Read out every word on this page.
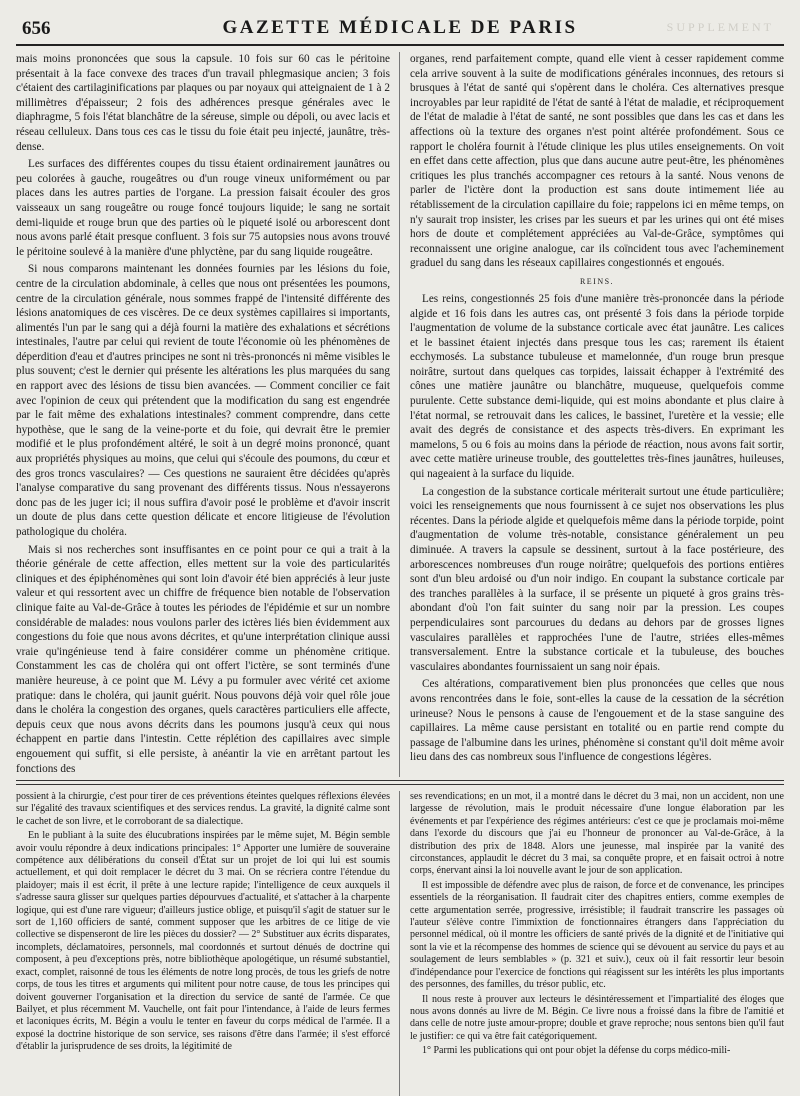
656	GAZETTE MÉDICALE DE PARIS	SUPPLEMENT

mais moins prononcées que sous la capsule. 10 fois sur 60 cas le péritoine présentait à la face convexe des traces d'un travail phlegmasique ancien; 3 fois c'étaient des cartilaginifications par plaques ou par noyaux qui atteignaient de 1 à 2 millimètres d'épaisseur; 2 fois des adhérences presque générales avec le diaphragme, 5 fois l'état blanchâtre de la séreuse, simple ou dépoli, ou avec lacis et réseau celluleux. Dans tous ces cas le tissu du foie était peu injecté, jaunâtre, très-dense.

Les surfaces des différentes coupes du tissu étaient ordinairement jaunâtres ou peu colorées à gauche, rougeâtres ou d'un rouge vineux uniformément ou par places dans les autres parties de l'organe. La pression faisait écouler des gros vaisseaux un sang rougeâtre ou rouge foncé toujours liquide; le sang ne sortait demi-liquide et rouge brun que des parties où le piqueté isolé ou arborescent dont nous avons parlé était presque confluent. 3 fois sur 75 autopsies nous avons trouvé le péritoine soulevé à la manière d'une phlyctène, par du sang liquide rougeâtre.

Si nous comparons maintenant les données fournies par les lésions du foie, centre de la circulation abdominale, à celles que nous ont présentées les poumons, centre de la circulation générale, nous sommes frappé de l'intensité différente des lésions anatomiques de ces viscères. De ce deux systèmes capillaires si importants, alimentés l'un par le sang qui a déjà fourni la matière des exhalations et sécrétions intestinales, l'autre par celui qui revient de toute l'économie où les phénomènes de déperdition d'eau et d'autres principes ne sont ni très-prononcés ni même visibles le plus souvent; c'est le dernier qui présente les altérations les plus marquées du sang en rapport avec des lésions de tissu bien avancées. — Comment concilier ce fait avec l'opinion de ceux qui prétendent que la modification du sang est engendrée par le fait même des exhalations intestinales? comment comprendre, dans cette hypothèse, que le sang de la veine-porte et du foie, qui devrait être le premier modifié et le plus profondément altéré, le soit à un degré moins prononcé, quant aux propriétés physiques au moins, que celui qui s'écoule des poumons, du cœur et des gros troncs vasculaires? — Ces questions ne sauraient être décidées qu'après l'analyse comparative du sang provenant des différents tissus. Nous n'essayerons donc pas de les juger ici; il nous suffira d'avoir posé le problème et d'avoir inscrit un doute de plus dans cette question délicate et encore litigieuse de l'évolution pathologique du choléra.

Mais si nos recherches sont insuffisantes en ce point pour ce qui a trait à la théorie générale de cette affection, elles mettent sur la voie des particularités cliniques et des épiphénomènes qui sont loin d'avoir été bien appréciés à leur juste valeur et qui ressortent avec un chiffre de fréquence bien notable de l'observation clinique faite au Val-de-Grâce à toutes les périodes de l'épidémie et sur un nombre considérable de malades: nous voulons parler des ictères liés bien évidemment aux congestions du foie que nous avons décrites, et qu'une interprétation clinique aussi vraie qu'ingénieuse tend à faire considérer comme un phénomène critique. Constamment les cas de choléra qui ont offert l'ictère, se sont terminés d'une manière heureuse, à ce point que M. Lévy a pu formuler avec vérité cet axiome pratique: dans le choléra, qui jaunit guérit. Nous pouvons déjà voir quel rôle joue dans le choléra la congestion des organes, quels caractères particuliers elle affecte, depuis ceux que nous avons décrits dans les poumons jusqu'à ceux qui nous échappent en partie dans l'intestin. Cette réplétion des capillaires avec simple engouement qui suffit, si elle persiste, à anéantir la vie en arrêtant partout les fonctions des

organes, rend parfaitement compte, quand elle vient à cesser rapidement comme cela arrive souvent à la suite de modifications générales inconnues, des retours si brusques à l'état de santé qui s'opèrent dans le choléra. Ces alternatives presque incroyables par leur rapidité de l'état de santé à l'état de maladie, et réciproquement de l'état de maladie à l'état de santé, ne sont possibles que dans les cas et dans les affections où la texture des organes n'est point altérée profondément. Sous ce rapport le choléra fournit à l'étude clinique les plus utiles enseignements. On voit en effet dans cette affection, plus que dans aucune autre peut-être, les phénomènes critiques les plus tranchés accompagner ces retours à la santé. Nous venons de parler de l'ictère dont la production est sans doute intimement liée au rétablissement de la circulation capillaire du foie; rappelons ici en même temps, on n'y saurait trop insister, les crises par les sueurs et par les urines qui ont été mises hors de doute et complétement appréciées au Val-de-Grâce, symptômes qui reconnaissent une origine analogue, car ils coïncident tous avec l'acheminement graduel du sang dans les réseaux capillaires congestionnés et engoués.

REINS.

Les reins, congestionnés 25 fois d'une manière très-prononcée dans la période algide et 16 fois dans les autres cas, ont présenté 3 fois dans la période torpide l'augmentation de volume de la substance corticale avec état jaunâtre. Les calices et le bassinet étaient injectés dans presque tous les cas; rarement ils étaient ecchymosés. La substance tubuleuse et mamelonnée, d'un rouge brun presque noirâtre, surtout dans quelques cas torpides, laissait échapper à l'extrémité des cônes une matière jaunâtre ou blanchâtre, muqueuse, quelquefois comme purulente. Cette substance demi-liquide, qui est moins abondante et plus claire à l'état normal, se retrouvait dans les calices, le bassinet, l'uretère et la vessie; elle avait des degrés de consistance et des aspects très-divers. En exprimant les mamelons, 5 ou 6 fois au moins dans la période de réaction, nous avons fait sortir, avec cette matière urineuse trouble, des gouttelettes très-fines jaunâtres, huileuses, qui nageaient à la surface du liquide.

La congestion de la substance corticale mériterait surtout une étude particulière; voici les renseignements que nous fournissent à ce sujet nos observations les plus récentes. Dans la période algide et quelquefois même dans la période torpide, point d'augmentation de volume très-notable, consistance généralement un peu diminuée. A travers la capsule se dessinent, surtout à la face postérieure, des arborescences nombreuses d'un rouge noirâtre; quelquefois des portions entières sont d'un bleu ardoisé ou d'un noir indigo. En coupant la substance corticale par des tranches parallèles à la surface, il se présente un piqueté à gros grains très-abondant d'où l'on fait suinter du sang noir par la pression. Les coupes perpendiculaires sont parcourues du dedans au dehors par de grosses lignes vasculaires parallèles et rapprochées l'une de l'autre, striées elles-mêmes transversalement. Entre la substance corticale et la tubuleuse, des bouches vasculaires abondantes fournissaient un sang noir épais.

Ces altérations, comparativement bien plus prononcées que celles que nous avons rencontrées dans le foie, sont-elles la cause de la cessation de la sécrétion urineuse? Nous le pensons à cause de l'engouement et de la stase sanguine des capillaires. La même cause persistant en totalité ou en partie rend compte du passage de l'albumine dans les urines, phénomène si constant qu'il doit même avoir lieu dans des cas nombreux sous l'influence de congestions légères.

possient à la chirurgie, c'est pour tirer de ces préventions éteintes quelques réflexions élevées sur l'égalité des travaux scientifiques et des services rendus. La gravité, la dignité calme sont le cachet de son livre, et le corroborant de sa dialectique.

En le publiant à la suite des élucubrations inspirées par le même sujet, M. Bégin semble avoir voulu répondre à deux indications principales: 1° Apporter une lumière de souveraine compétence aux délibérations du conseil d'État sur un projet de loi qui lui est soumis actuellement, et qui doit remplacer le décret du 3 mai. On se récriera contre l'étendue du plaidoyer; mais il est écrit, il prête à une lecture rapide; l'intelligence de ceux auxquels il s'adresse saura glisser sur quelques parties dépourvues d'actualité, et s'attacher à la charpente logique, qui est d'une rare vigueur; d'ailleurs justice oblige, et puisqu'il s'agit de statuer sur le sort de 1,160 officiers de santé, comment supposer que les arbitres de ce litige de vie collective se dispenseront de lire les pièces du dossier? — 2° Substituer aux écrits disparates, incomplets, déclamatoires, personnels, mal coordonnés et surtout dénués de doctrine qui composent, à peu d'exceptions près, notre bibliothèque apologétique, un résumé substantiel, exact, complet, raisonné de tous les éléments de notre long procès, de tous les griefs de notre corps, de tous les titres et arguments qui militent pour notre cause, de tous les principes qui doivent gouverner l'organisation et la direction du service de santé de l'armée. Ce que Bailyet, et plus récemment M. Vauchelle, ont fait pour l'intendance, à l'aide de leurs fermes et laconiques écrits, M. Bégin a voulu le tenter en faveur du corps médical de l'armée. Il a exposé la doctrine historique de son service, ses raisons d'être dans l'armée; il s'est efforcé d'établir la jurisprudence de ses droits, la légitimité de

ses revendications; en un mot, il a montré dans le décret du 3 mai, non un accident, non une largesse de révolution, mais le produit nécessaire d'une longue élaboration par les événements et par l'expérience des régimes antérieurs: c'est ce que je proclamais moi-même dans l'exorde du discours que j'ai eu l'honneur de prononcer au Val-de-Grâce, à la distribution des prix de 1848. Alors une jeunesse, mal inspirée par la vanité des circonstances, applaudit le décret du 3 mai, sa conquête propre, et en faisait octroi à notre corps, énervant ainsi la loi nouvelle avant le jour de son application.

Il est impossible de défendre avec plus de raison, de force et de convenance, les principes essentiels de la réorganisation. Il faudrait citer des chapitres entiers, comme exemples de cette argumentation serrée, progressive, irrésistible; il faudrait transcrire les passages où l'auteur s'élève contre l'immixtion de fonctionnaires étrangers dans l'appréciation du personnel médical, où il montre les officiers de santé privés de la dignité et de l'initiative qui sont la vie et la récompense des hommes de science qui se dévouent au service du pays et au soulagement de leurs semblables » (p. 321 et suiv.), ceux où il fait ressortir leur besoin d'indépendance pour l'exercice de fonctions qui réagissent sur les intérêts les plus importants des personnes, des familles, du trésor public, etc.

Il nous reste à prouver aux lecteurs le désintéressement et l'impartialité des éloges que nous avons donnés au livre de M. Bégin. Ce livre nous a froissé dans la fibre de l'amitié et dans celle de notre juste amour-propre; double et grave reproche; nous sentons bien qu'il faut le justifier: ce qui va être fait catégoriquement.

1° Parmi les publications qui ont pour objet la défense du corps médico-mili-
